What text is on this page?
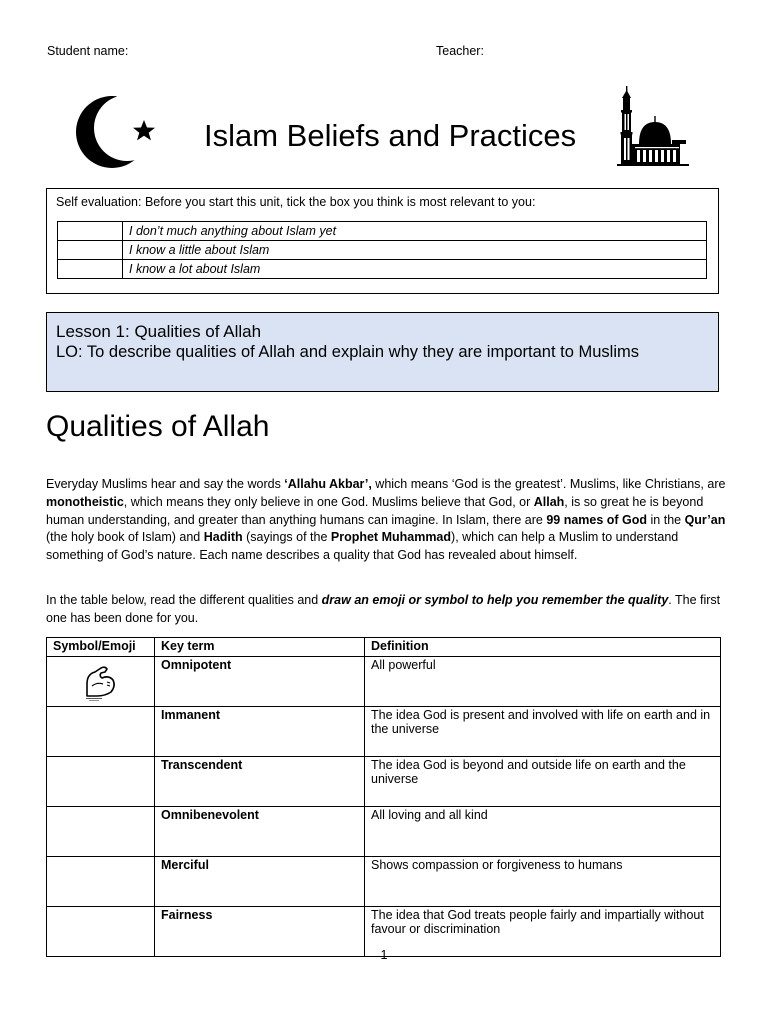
Student name:	Teacher:
Islam Beliefs and Practices
Self evaluation: Before you start this unit, tick the box you think is most relevant to you:
	I don’t much anything about Islam yet
	I know a little about Islam
	I know a lot about Islam
Lesson 1: Qualities of Allah
LO: To describe qualities of Allah and explain why they are important to Muslims
Qualities of Allah
Everyday Muslims hear and say the words ‘Allahu Akbar’, which means ‘God is the greatest’. Muslims, like Christians, are monotheistic, which means they only believe in one God. Muslims believe that God, or Allah, is so great he is beyond human understanding, and greater than anything humans can imagine. In Islam, there are 99 names of God in the Qur’an (the holy book of Islam) and Hadith (sayings of the Prophet Muhammad), which can help a Muslim to understand something of God’s nature. Each name describes a quality that God has revealed about himself.
In the table below, read the different qualities and draw an emoji or symbol to help you remember the quality. The first one has been done for you.
Symbol/Emoji	Key term	Definition
	Omnipotent	All powerful
	Immanent	The idea God is present and involved with life on earth and in the universe
	Transcendent	The idea God is beyond and outside life on earth and the universe
	Omnibenevolent	All loving and all kind
	Merciful	Shows compassion or forgiveness to humans
	Fairness	The idea that God treats people fairly and impartially without favour or discrimination
1
